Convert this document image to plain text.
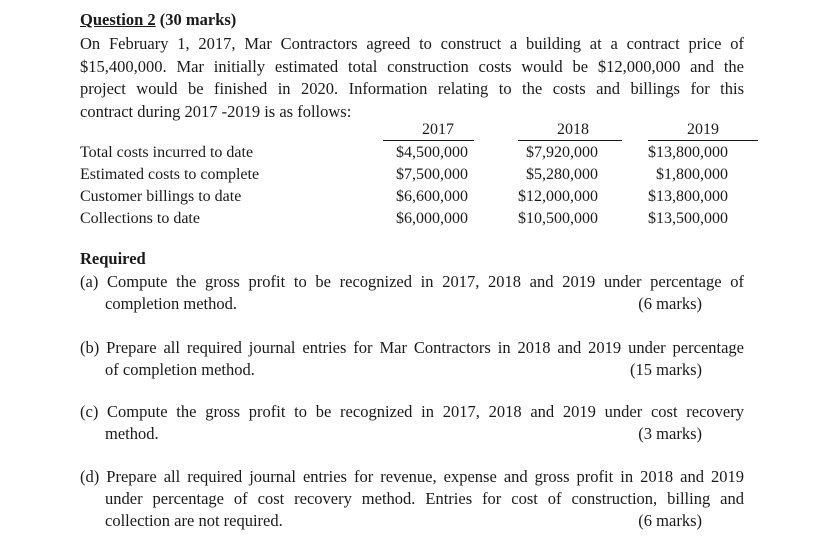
Question 2 (30 marks)
On February 1, 2017, Mar Contractors agreed to construct a building at a contract price of
$15,400,000. Mar initially estimated total construction costs would be $12,000,000 and the
project would be finished in 2020. Information relating to the costs and billings for this
contract during 2017 -2019 is as follows:
2017	2018	2019
Total costs incurred to date	$4,500,000	$7,920,000	$13,800,000
Estimated costs to complete	$7,500,000	$5,280,000	$1,800,000
Customer billings to date	$6,600,000	$12,000,000	$13,800,000
Collections to date	$6,000,000	$10,500,000	$13,500,000
Required
(a) Compute the gross profit to be recognized in 2017, 2018 and 2019 under percentage of
completion method.	(6 marks)
(b) Prepare all required journal entries for Mar Contractors in 2018 and 2019 under percentage
of completion method.	(15 marks)
(c) Compute the gross profit to be recognized in 2017, 2018 and 2019 under cost recovery
method.	(3 marks)
(d) Prepare all required journal entries for revenue, expense and gross profit in 2018 and 2019
under percentage of cost recovery method. Entries for cost of construction, billing and
collection are not required.	(6 marks)
